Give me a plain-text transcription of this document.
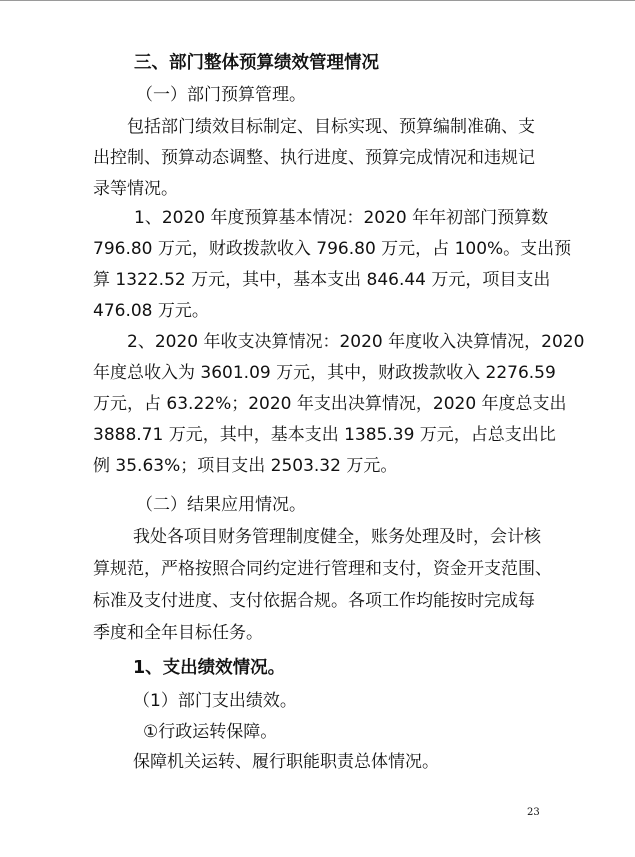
三、部门整体预算绩效管理情况
（一）部门预算管理。
包括部门绩效目标制定、目标实现、预算编制准确、支
出控制、预算动态调整、执行进度、预算完成情况和违规记
录等情况。
1、2020 年度预算基本情况：2020 年年初部门预算数
796.80 万元，财政拨款收入 796.80 万元，占 100%。支出预
算 1322.52 万元，其中，基本支出 846.44 万元，项目支出
476.08 万元。
2、2020 年收支决算情况：2020 年度收入决算情况，2020
年度总收入为 3601.09 万元，其中，财政拨款收入 2276.59
万元，占 63.22%；2020 年支出决算情况，2020 年度总支出
3888.71 万元，其中，基本支出 1385.39 万元，占总支出比
例 35.63%；项目支出 2503.32 万元。
（二）结果应用情况。
我处各项目财务管理制度健全，账务处理及时，会计核
算规范，严格按照合同约定进行管理和支付，资金开支范围、
标准及支付进度、支付依据合规。各项工作均能按时完成每
季度和全年目标任务。
1、支出绩效情况。
（1）部门支出绩效。
①行政运转保障。
保障机关运转、履行职能职责总体情况。
23
